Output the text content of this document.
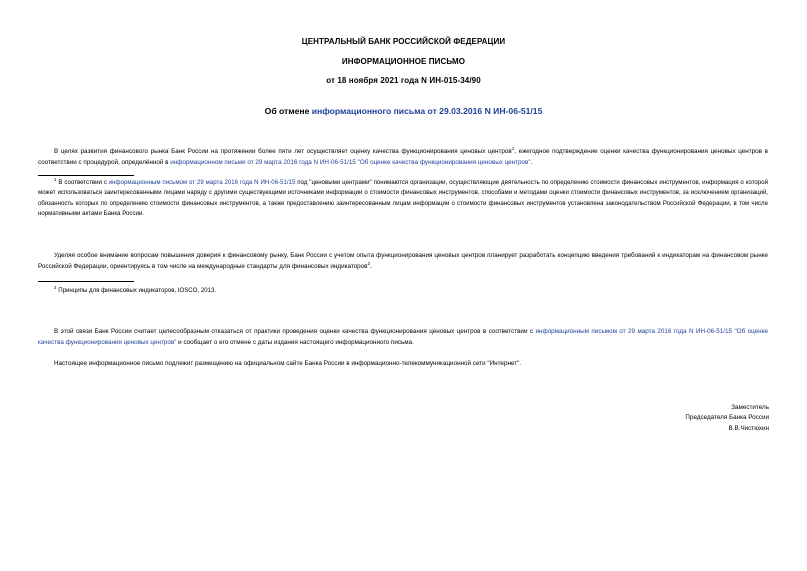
ЦЕНТРАЛЬНЫЙ БАНК РОССИЙСКОЙ ФЕДЕРАЦИИ
ИНФОРМАЦИОННОЕ ПИСЬМО
от 18 ноября 2021 года N ИН-015-34/90
Об отмене информационного письма от 29.03.2016 N ИН-06-51/15
В целях развития финансового рынка Банк России на протяжении более пяти лет осуществляет оценку качества функционирования ценовых центров$^1$, ежегодное подтверждение оценки качества функционирования ценовых центров в соответствии с процедурой, определённой в информационном письме от 29 марта 2016 года N ИН-06-51/15 "Об оценке качества функционирования ценовых центров".
$^1$ В соответствии с информационным письмом от 29 марта 2016 года N ИН-06-51/15 под "ценовыми центрами" понимаются организации, осуществляющие деятельность по определению стоимости финансовых инструментов, информация о которой может использоваться заинтересованными лицами наряду с другими существующими источниками информации о стоимости финансовых инструментов, способами и методами оценки стоимости финансовых инструментов, за исключением организаций, обязанность которых по определению стоимости финансовых инструментов, а также предоставлению заинтересованным лицам информации о стоимости финансовых инструментов установлена законодательством Российской Федерации, в том числе нормативными актами Банка России.
Уделяя особое внимание вопросам повышения доверия к финансовому рынку, Банк России с учетом опыта функционирования ценовых центров планирует разработать концепцию введения требований к индикаторам на финансовом рынке Российской Федерации, ориентируясь в том числе на международные стандарты для финансовых индикаторов$^2$.
$^2$ Принципы для финансовых индикаторов, IOSCO, 2013.
В этой связи Банк России считает целесообразным отказаться от практики проведения оценки качества функционирования ценовых центров в соответствии с информационным письмом от 29 марта 2016 года N ИН-06-51/15 "Об оценке качества функционирования ценовых центров" и сообщает о его отмене с даты издания настоящего информационного письма.
Настоящее информационное письмо подлежит размещению на официальном сайте Банка России в информационно-телекоммуникационной сети "Интернет".
Заместитель
Председателя Банка России
В.В.Чистюхин
